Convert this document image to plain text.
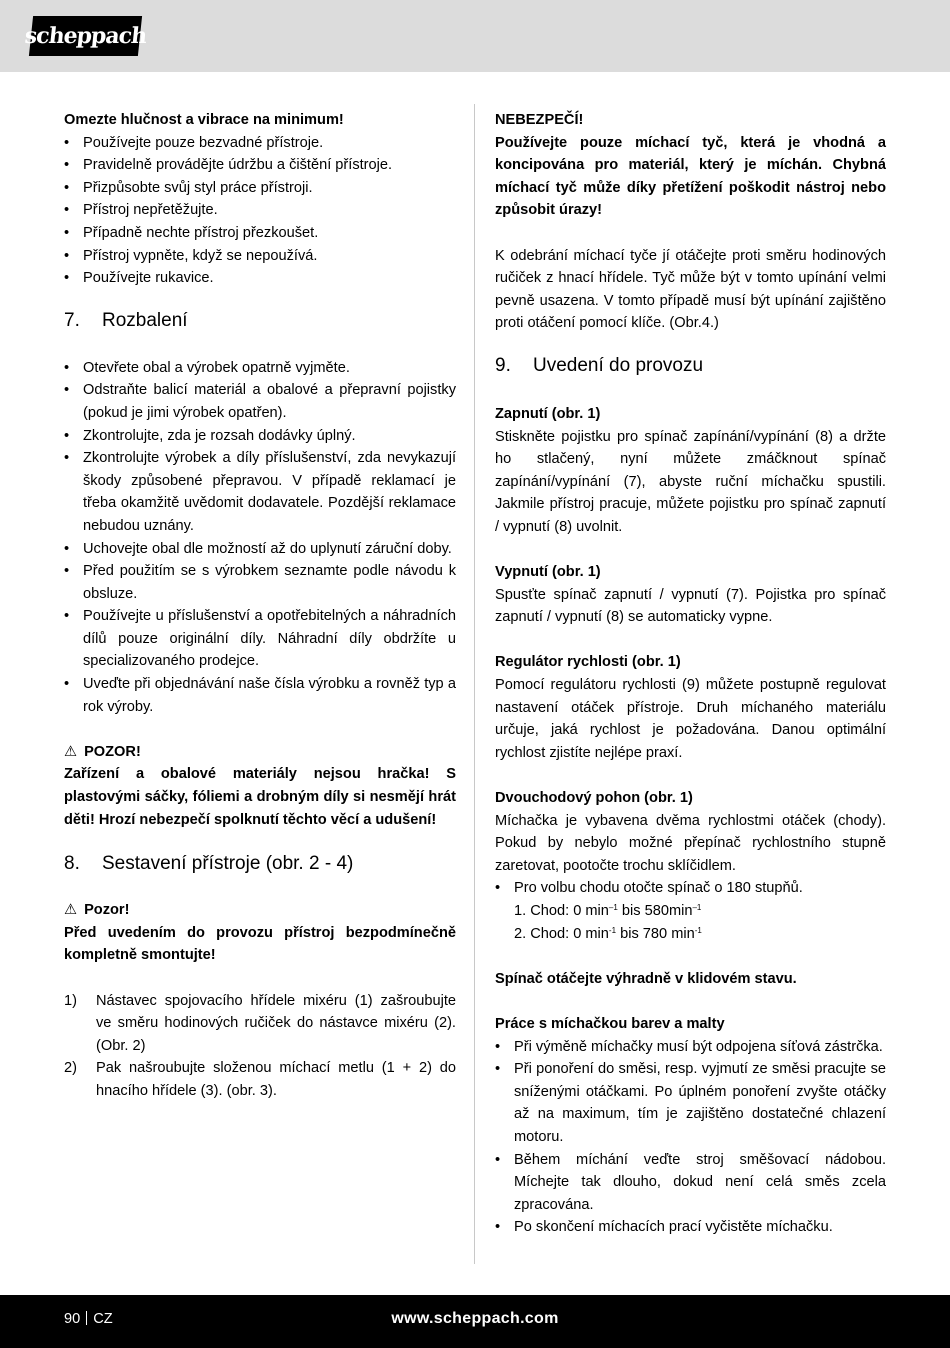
scheppach

Omezte hlučnost a vibrace na minimum!

• Používejte pouze bezvadné přístroje.
• Pravidelně provádějte údržbu a čištění přístroje.
• Přizpůsobte svůj styl práce přístroji.
• Přístroj nepřetěžujte.
• Případně nechte přístroj přezkoušet.
• Přístroj vypněte, když se nepoužívá.
• Používejte rukavice.
7. Rozbalení
• Otevřete obal a výrobek opatrně vyjměte.
• Odstraňte balicí materiál a obalové a přepravní pojistky (pokud je jimi výrobek opatřen).
• Zkontrolujte, zda je rozsah dodávky úplný.
• Zkontrolujte výrobek a díly příslušenství, zda nevykazují škody způsobené přepravou. V případě reklamací je třeba okamžitě uvědomit dodavatele. Pozdější reklamace nebudou uznány.
• Uchovejte obal dle možností až do uplynutí záruční doby.
• Před použitím se s výrobkem seznamte podle návodu k obsluze.
• Používejte u příslušenství a opotřebitelných a náhradních dílů pouze originální díly. Náhradní díly obdržíte u specializovaného prodejce.
• Uveďte při objednávání naše čísla výrobku a rovněž typ a rok výroby.

⚠ POZOR!

Zařízení a obalové materiály nejsou hračka! S plastovými sáčky, fóliemi a drobným díly si nesmějí hrát děti! Hrozí nebezpečí spolknutí těchto věcí a udušení!

8. Sestavení přístroje (obr. 2 - 4)

⚠ Pozor!

Před uvedením do provozu přístroj bezpodmínečně kompletně smontujte!

1) Nástavec spojovacího hřídele mixéru (1) zašroubujte ve směru hodinových ručiček do nástavce mixéru (2). (Obr. 2)
2) Pak našroubujte složenou míchací metlu (1 + 2) do hnacího hřídele (3). (obr. 3).

NEBEZPEČÍ!

Používejte pouze míchací tyč, která je vhodná a koncipována pro materiál, který je míchán. Chybná míchací tyč může díky přetížení poškodit nástroj nebo způsobit úrazy!

K odebrání míchací tyče jí otáčejte proti směru hodinových ručiček z hnací hřídele. Tyč může být v tomto upínání velmi pevně usazena. V tomto případě musí být upínání zajištěno proti otáčení pomocí klíče. (Obr.4.)

9. Uvedení do provozu

Zapnutí (obr. 1)

Stiskněte pojistku pro spínač zapínání/vypínání (8) a držte ho stlačený, nyní můžete zmáčknout spínač zapínání/vypínání (7), abyste ruční míchačku spustili. Jakmile přístroj pracuje, můžete pojistku pro spínač zapnutí / vypnutí (8) uvolnit.

Vypnutí (obr. 1)

Spusťte spínač zapnutí / vypnutí (7). Pojistka pro spínač zapnutí / vypnutí (8) se automaticky vypne.

Regulátor rychlosti (obr. 1)

Pomocí regulátoru rychlosti (9) můžete postupně regulovat nastavení otáček přístroje. Druh míchaného materiálu určuje, jaká rychlost je požadována. Danou optimální rychlost zjistíte nejlépe praxí.

Dvouchodový pohon (obr. 1)

Míchačka je vybavena dvěma rychlostmi otáček (chody). Pokud by nebylo možné přepínač rychlostního stupně zaretovat, pootočte trochu sklíčidlem.

• Pro volbu chodu otočte spínač o 180 stupňů.

1. Chod: 0 $\min^{-1}$ bis $580\min^{-1}$

2. Chod: 0 $\min^{-1}$ bis 780 $\min^{-1}$

Spínač otáčejte výhradně v klidovém stavu.

Práce s míchačkou barev a malty

• Při výměně míchačky musí být odpojena síťová zástrčka.
• Při ponoření do směsi, resp. vyjmutí ze směsi pracujte se sníženými otáčkami. Po úplném ponoření zvyšte otáčky až na maximum, tím je zajištěno dostatečné chlazení motoru.
• Během míchání veďte stroj směšovací nádobou. Míchejte tak dlouho, dokud není celá směs zcela zpracována.
• Po skončení míchacích prací vyčistěte míchačku.
90 CZ	www.scheppach.com
